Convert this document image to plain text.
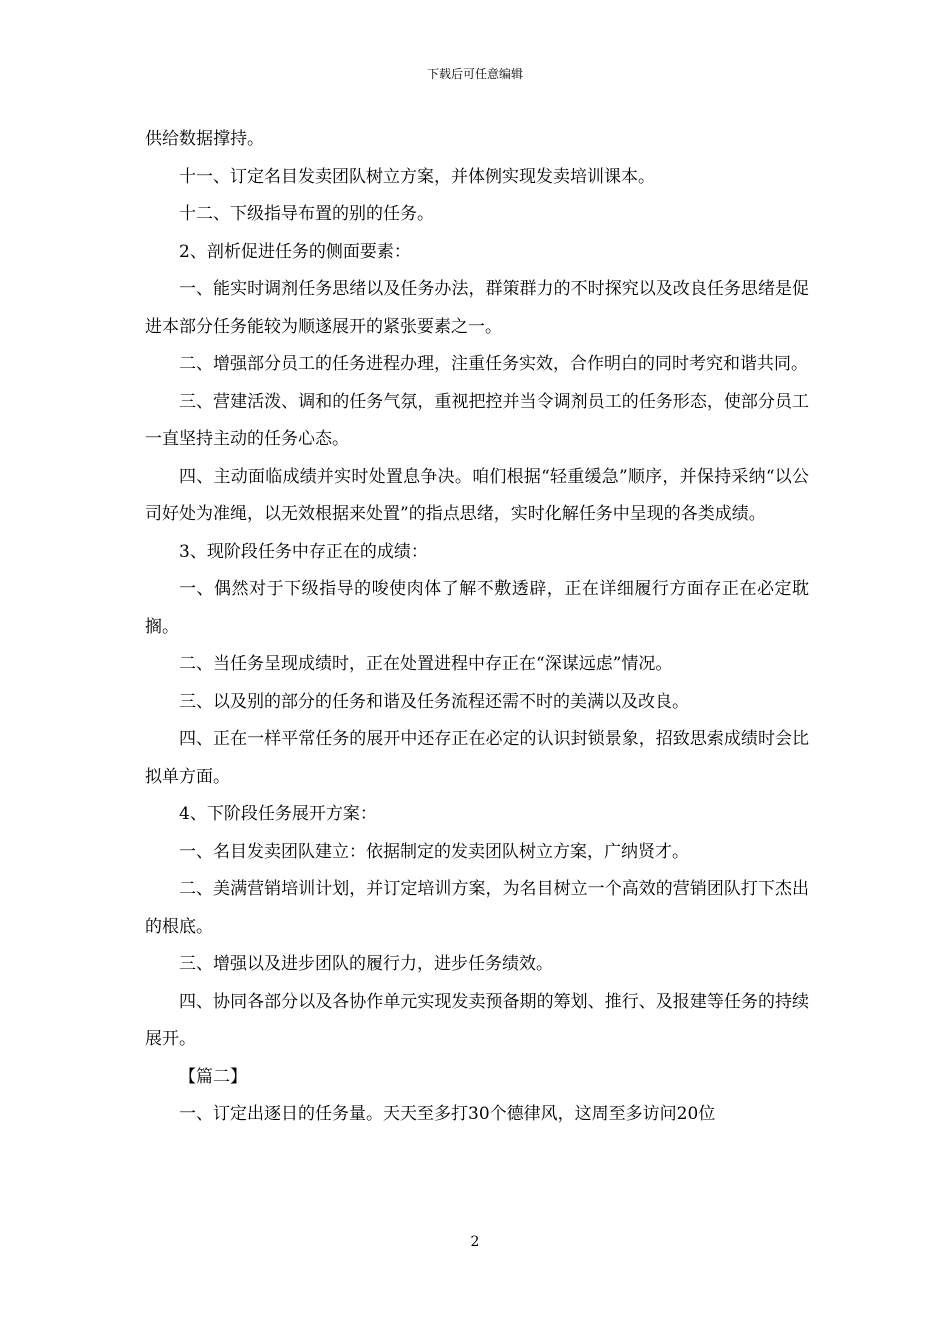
下载后可任意编辑

供给数据撑持。

十一、订定名目发卖团队树立方案，并体例实现发卖培训课本。

十二、下级指导布置的别的任务。

2、剖析促进任务的侧面要素：

一、能实时调剂任务思绪以及任务办法，群策群力的不时探究以及改良任务思绪是促进本部分任务能较为顺遂展开的紧张要素之一。

二、增强部分员工的任务进程办理，注重任务实效，合作明白的同时考究和谐共同。

三、营建活泼、调和的任务气氛，重视把控并当令调剂员工的任务形态，使部分员工一直坚持主动的任务心态。

四、主动面临成绩并实时处置息争决。咱们根据“轻重缓急”顺序，并保持采纳“以公司好处为准绳，以无效根据来处置”的指点思绪，实时化解任务中呈现的各类成绩。

3、现阶段任务中存正在的成绩：

一、偶然对于下级指导的唆使肉体了解不敷透辟，正在详细履行方面存正在必定耽搁。

二、当任务呈现成绩时，正在处置进程中存正在“深谋远虑”情况。

三、以及别的部分的任务和谐及任务流程还需不时的美满以及改良。

四、正在一样平常任务的展开中还存正在必定的认识封锁景象，招致思索成绩时会比拟单方面。

4、下阶段任务展开方案：

一、名目发卖团队建立：依据制定的发卖团队树立方案，广纳贤才。

二、美满营销培训计划，并订定培训方案，为名目树立一个高效的营销团队打下杰出的根底。

三、增强以及进步团队的履行力，进步任务绩效。

四、协同各部分以及各协作单元实现发卖预备期的筹划、推行、及报建等任务的持续展开。

【篇二】

一、订定出逐日的任务量。天天至多打30个德律风，这周至多访问20位

2
